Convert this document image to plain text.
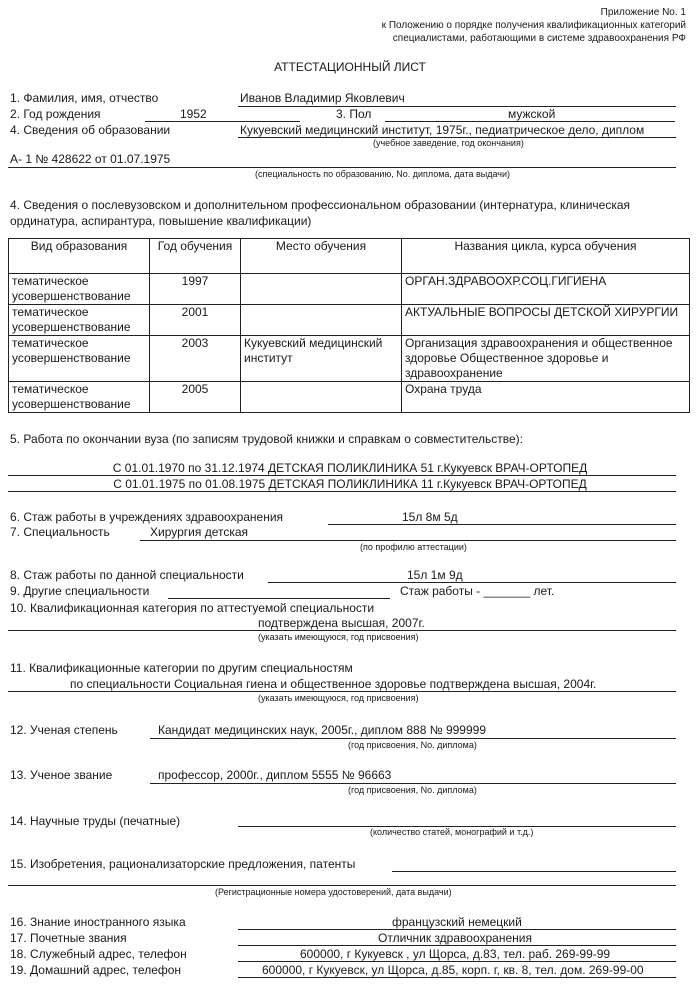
Приложение No. 1
к Положению о порядке получения квалификационных категорий
специалистами, работающими в системе здравоохранения РФ
АТТЕСТАЦИОННЫЙ ЛИСТ
1. Фамилия, имя, отчество	Иванов Владимир Яковлевич
2. Год рождения	1952	3. Пол	мужской
4. Сведения об образовании	Кукуевский медицинский институт, 1975г., педиатрическое дело, диплом
(учебное заведение, год окончания)
А- 1 № 428622 от 01.07.1975
(специальность по образованию, No. диплома, дата выдачи)
4. Сведения о послевузовском и дополнительном профессиональном образовании (интернатура, клиническая
ординатура, аспирантура, повышение квалификации)
Вид образования	Год обучения	Место обучения	Названия цикла, курса обучения
тематическое усовершенствование	1997		ОРГАН.ЗДРАВООХР.СОЦ.ГИГИЕНА
тематическое усовершенствование	2001		АКТУАЛЬНЫЕ ВОПРОСЫ ДЕТСКОЙ ХИРУРГИИ
тематическое усовершенствование	2003	Кукуевский медицинский институт	Организация здравоохранения и общественное здоровье Общественное здоровье и здравоохранение
тематическое усовершенствование	2005		Охрана труда
5. Работа по окончании вуза (по записям трудовой книжки и справкам о совместительстве):
С 01.01.1970 по 31.12.1974 ДЕТСКАЯ ПОЛИКЛИНИКА 51 г.Кукуевск ВРАЧ-ОРТОПЕД
С 01.01.1975 по 01.08.1975 ДЕТСКАЯ ПОЛИКЛИНИКА 11 г.Кукуевск ВРАЧ-ОРТОПЕД
6. Стаж работы в учреждениях здравоохранения	15л 8м 5д
7. Специальность	Хирургия детская
(по профилю аттестации)
8. Стаж работы по данной специальности	15л 1м 9д
9. Другие специальности	Стаж работы - _______ лет.
10. Квалификационная категория по аттестуемой специальности
подтверждена высшая, 2007г.
(указать имеющуюся, год присвоения)
11. Квалификационные категории по другим специальностям
по специальности Социальная гиена и общественное здоровье подтверждена высшая, 2004г.
(указать имеющуюся, год присвоения)
12. Ученая степень	Кандидат медицинских наук, 2005г., диплом 888 № 999999
(год присвоения, No. диплома)
13. Ученое звание	профессор, 2000г., диплом 5555 № 96663
(год присвоения, No. диплома)
14. Научные труды (печатные)
(количество статей, монографий и т.д.)
15. Изобретения, рационализаторские предложения, патенты
(Регистрационные номера удостоверений, дата выдачи)
16. Знание иностранного языка	французский немецкий
17. Почетные звания	Отличник здравоохранения
18. Служебный адрес, телефон	600000, г Кукуевск , ул Щорса, д.83, тел. раб. 269-99-99
19. Домашний адрес, телефон	600000, г Кукуевск, ул Щорса, д.85, корп. г, кв. 8, тел. дом. 269-99-00
